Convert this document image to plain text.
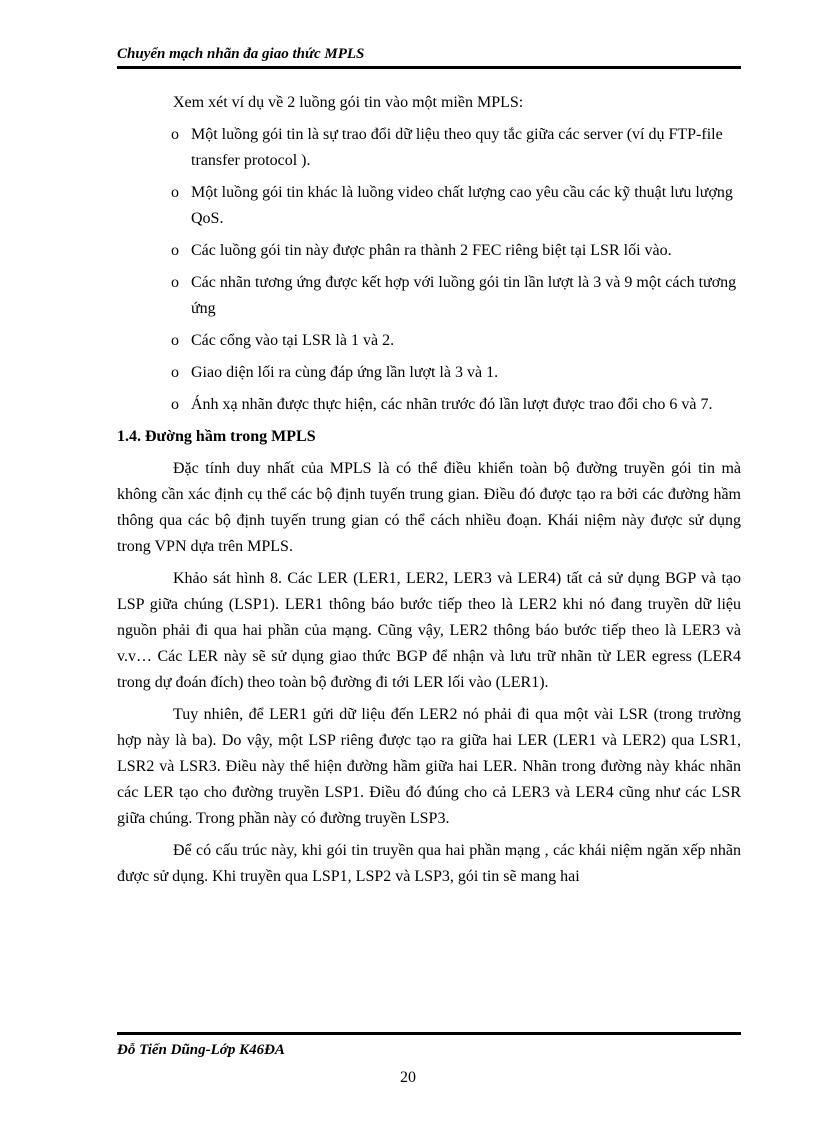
Chuyển mạch nhãn đa giao thức MPLS

Xem xét ví dụ về 2 luồng gói tin vào một miền MPLS:

o Một luồng gói tin là sự trao đổi dữ liệu theo quy tắc giữa các server (ví dụ FTP-file transfer protocol ).
o Một luồng gói tin khác là luồng video chất lượng cao yêu cầu các kỹ thuật lưu lượng QoS.
o Các luồng gói tin này được phân ra thành 2 FEC riêng biệt tại LSR lối vào.
o Các nhãn tương ứng được kết hợp với luồng gói tin lần lượt là 3 và 9 một cách tương ứng
o Các cổng vào tại LSR là 1 và 2.
o Giao diện lối ra cùng đáp ứng lần lượt là 3 và 1.
o Ánh xạ nhãn được thực hiện, các nhãn trước đó lần lượt được trao đổi cho 6 và 7.

1.4. Đường hầm trong MPLS

Đặc tính duy nhất của MPLS là có thể điều khiển toàn bộ đường truyền gói tin mà không cần xác định cụ thể các bộ định tuyến trung gian. Điều đó được tạo ra bởi các đường hầm thông qua các bộ định tuyến trung gian có thể cách nhiều đoạn. Khái niệm này được sử dụng trong VPN dựa trên MPLS.

Khảo sát hình 8. Các LER (LER1, LER2, LER3 và LER4) tất cả sử dụng BGP và tạo LSP giữa chúng (LSP1). LER1 thông báo bước tiếp theo là LER2 khi nó đang truyền dữ liệu nguồn phải đi qua hai phần của mạng. Cũng vậy, LER2 thông báo bước tiếp theo là LER3 và v.v… Các LER này sẽ sử dụng giao thức BGP để nhận và lưu trữ nhãn từ LER egress (LER4 trong dự đoán đích) theo toàn bộ đường đi tới LER lối vào (LER1).

Tuy nhiên, để LER1 gửi dữ liệu đến LER2 nó phải đi qua một vài LSR (trong trường hợp này là ba). Do vậy, một LSP riêng được tạo ra giữa hai LER (LER1 và LER2) qua LSR1, LSR2 và LSR3. Điều này thể hiện đường hầm giữa hai LER. Nhãn trong đường này khác nhãn các LER tạo cho đường truyền LSP1. Điều đó đúng cho cả LER3 và LER4 cũng như các LSR giữa chúng. Trong phần này có đường truyền LSP3.

Để có cấu trúc này, khi gói tin truyền qua hai phần mạng , các khái niệm ngăn xếp nhãn được sử dụng. Khi truyền qua LSP1, LSP2 và LSP3, gói tin sẽ mang hai

Đỗ Tiến Dũng-Lớp K46ĐA
20
